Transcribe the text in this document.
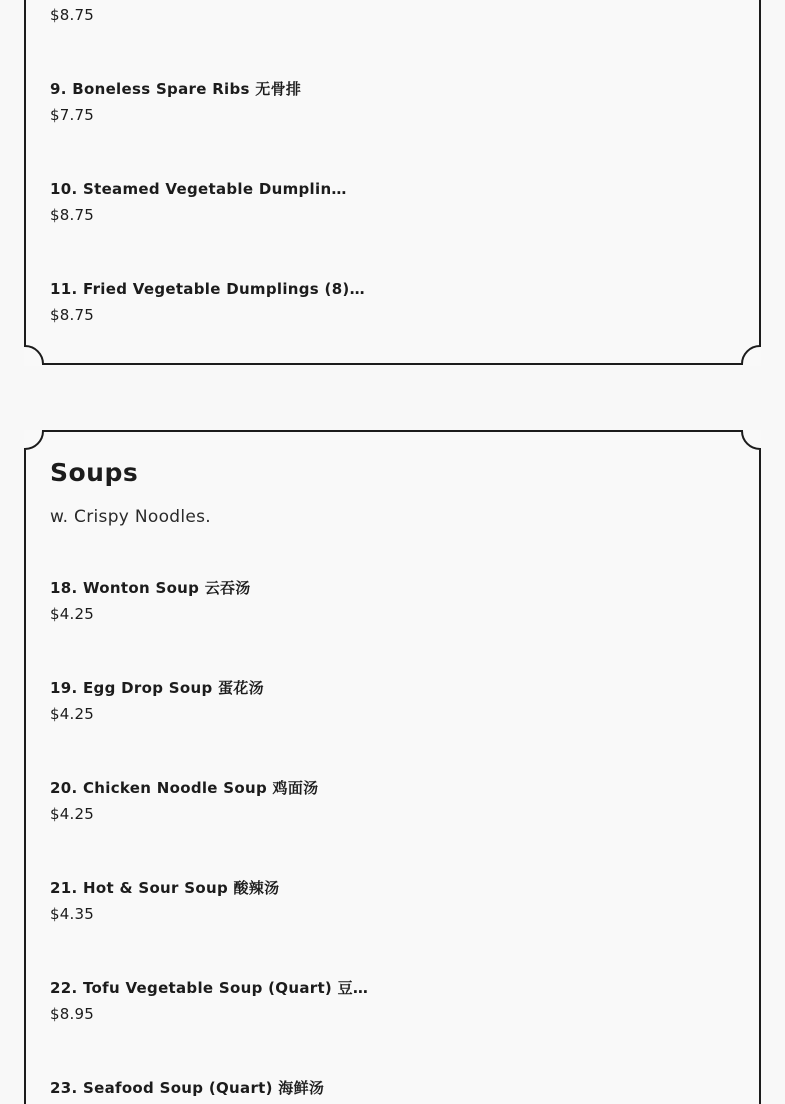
$8.75
9. Boneless Spare Ribs 无骨排
$7.75
10. Steamed Vegetable Dumplin…
$8.75
11. Fried Vegetable Dumplings (8)…
$8.75
Soups
w. Crispy Noodles.
18. Wonton Soup 云吞汤
$4.25
19. Egg Drop Soup 蛋花汤
$4.25
20. Chicken Noodle Soup 鸡面汤
$4.25
21. Hot & Sour Soup 酸辣汤
$4.35
22. Tofu Vegetable Soup (Quart) 豆…
$8.95
23. Seafood Soup (Quart) 海鲜汤
